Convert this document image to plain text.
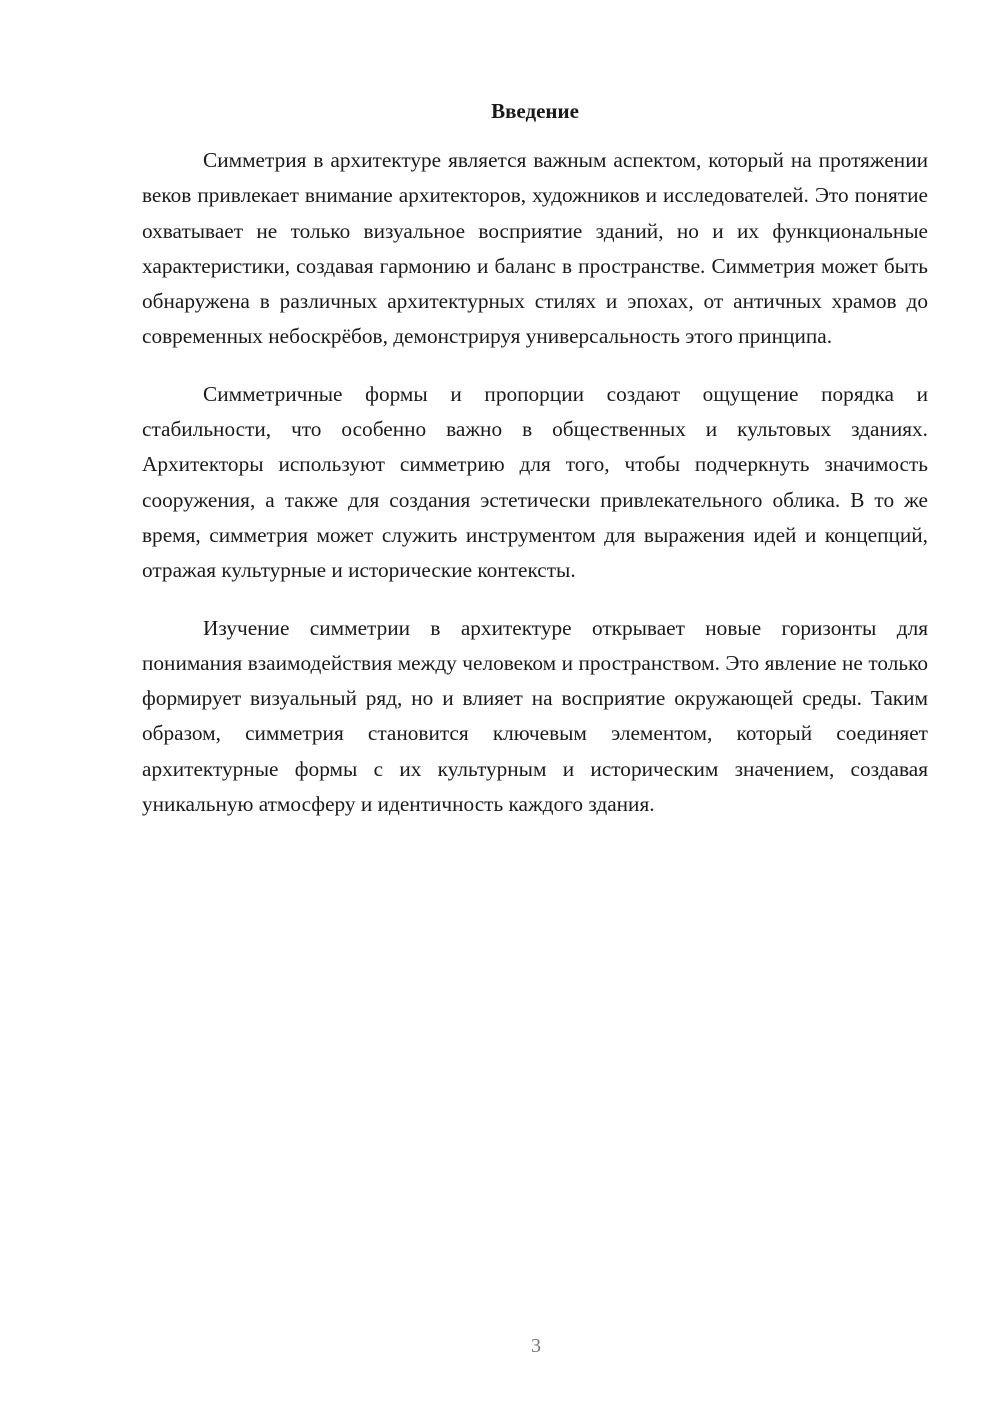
Введение

Симметрия в архитектуре является важным аспектом, который на протяжении веков привлекает внимание архитекторов, художников и исследователей. Это понятие охватывает не только визуальное восприятие зданий, но и их функциональные характеристики, создавая гармонию и баланс в пространстве. Симметрия может быть обнаружена в различных архитектурных стилях и эпохах, от античных храмов до современных небоскрёбов, демонстрируя универсальность этого принципа.

Симметричные формы и пропорции создают ощущение порядка и стабильности, что особенно важно в общественных и культовых зданиях. Архитекторы используют симметрию для того, чтобы подчеркнуть значимость сооружения, а также для создания эстетически привлекательного облика. В то же время, симметрия может служить инструментом для выражения идей и концепций, отражая культурные и исторические контексты.

Изучение симметрии в архитектуре открывает новые горизонты для понимания взаимодействия между человеком и пространством. Это явление не только формирует визуальный ряд, но и влияет на восприятие окружающей среды. Таким образом, симметрия становится ключевым элементом, который соединяет архитектурные формы с их культурным и историческим значением, создавая уникальную атмосферу и идентичность каждого здания.

3
